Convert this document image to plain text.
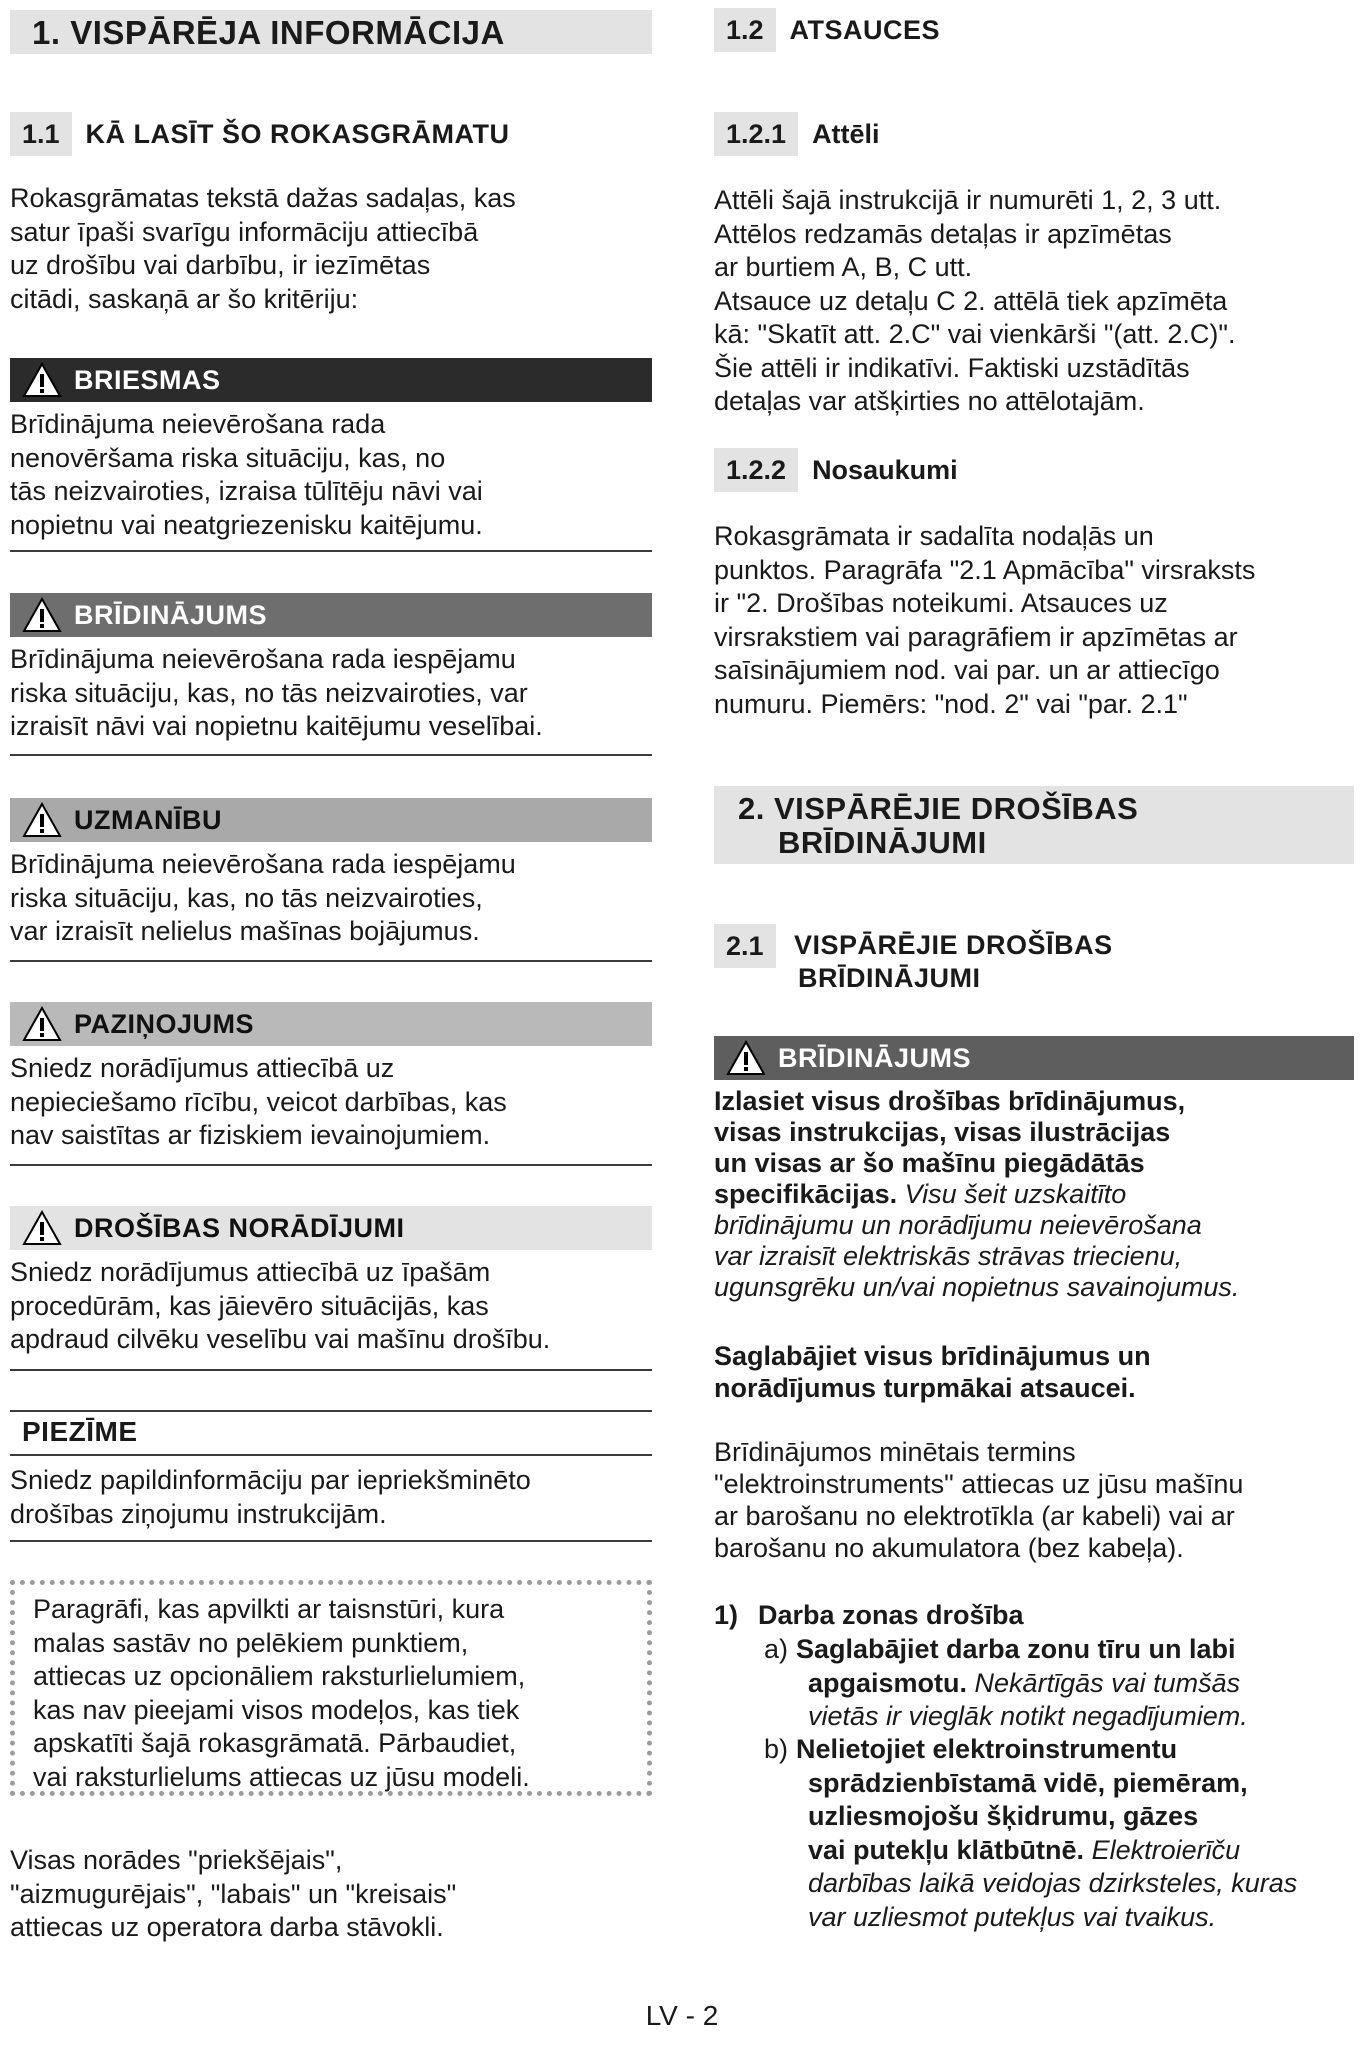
1. VISPĀRĒJA INFORMĀCIJA
1.1 KĀ LASĪT ŠO ROKASGRĀMATU

Rokasgrāmatas tekstā dažas sadaļas, kas

satur īpaši svarīgu informāciju attiecībā

uz drošību vai darbību, ir iezīmētas

citādi, saskaņā ar šo kritēriju:

BRIESMAS

Brīdinājuma neievērošana rada

nenovēršama riska situāciju, kas, no

tās neizvairoties, izraisa tūlītēju nāvi vai

nopietnu vai neatgriezenisku kaitējumu.

BRĪDINĀJUMS

Brīdinājuma neievērošana rada iespējamu

riska situāciju, kas, no tās neizvairoties, var

izraisīt nāvi vai nopietnu kaitējumu veselībai.

UZMANĪBU

Brīdinājuma neievērošana rada iespējamu

riska situāciju, kas, no tās neizvairoties,

var izraisīt nelielus mašīnas bojājumus.

PAZIŅOJUMS

Sniedz norādījumus attiecībā uz

nepieciešamo rīcību, veicot darbības, kas

nav saistītas ar fiziskiem ievainojumiem.

DROŠĪBAS NORĀDĪJUMI

Sniedz norādījumus attiecībā uz īpašām

procedūrām, kas jāievēro situācijās, kas

apdraud cilvēku veselību vai mašīnu drošību.

PIEZĪME

Sniedz papildinformāciju par iepriekšminēto

drošības ziņojumu instrukcijām.

Paragrāfi, kas apvilkti ar taisnstūri, kura

malas sastāv no pelēkiem punktiem,

attiecas uz opcionāliem raksturlielumiem,

kas nav pieejami visos modeļos, kas tiek

apskatīti šajā rokasgrāmatā. Pārbaudiet,

vai raksturlielums attiecas uz jūsu modeli.

Visas norādes "priekšējais",

"aizmugurējais", "labais" un "kreisais"

attiecas uz operatora darba stāvokli.

1.2 ATSAUCES
1.2.1 Attēli

Attēli šajā instrukcijā ir numurēti 1, 2, 3 utt.

Attēlos redzamās detaļas ir apzīmētas

ar burtiem A, B, C utt.

Atsauce uz detaļu C 2. attēlā tiek apzīmēta

kā: "Skatīt att. 2.C" vai vienkārši "(att. 2.C)".

Šie attēli ir indikatīvi. Faktiski uzstādītās

detaļas var atšķirties no attēlotajām.

1.2.2 Nosaukumi

Rokasgrāmata ir sadalīta nodaļās un

punktos. Paragrāfa "2.1 Apmācība" virsraksts

ir "2. Drošības noteikumi. Atsauces uz

virsrakstiem vai paragrāfiem ir apzīmētas ar

saīsinājumiem nod. vai par. un ar attiecīgo

numuru. Piemērs: "nod. 2" vai "par. 2.1"

2. VISPĀRĒJIE DROŠĪBAS
BRĪDINĀJUMI
2.1 VISPĀRĒJIE DROŠĪBAS
BRĪDINĀJUMI
BRĪDINĀJUMS

Izlasiet visus drošības brīdinājumus,

visas instrukcijas, visas ilustrācijas

un visas ar šo mašīnu piegādātās

specifikācijas. Visu šeit uzskaitīto

brīdinājumu un norādījumu neievērošana

var izraisīt elektriskās strāvas triecienu,

ugunsgrēku un/vai nopietnus savainojumus.

Saglabājiet visus brīdinājumus un

norādījumus turpmākai atsaucei.

Brīdinājumos minētais termins

"elektroinstruments" attiecas uz jūsu mašīnu

ar barošanu no elektrotīkla (ar kabeli) vai ar

barošanu no akumulatora (bez kabeļa).

1) Darba zonas drošība
a) Saglabājiet darba zonu tīru un labi

apgaismotu. Nekārtīgās vai tumšās

vietās ir vieglāk notikt negadījumiem.

b) Nelietojiet elektroinstrumentu

sprādzienbīstamā vidē, piemēram,

uzliesmojošu šķidrumu, gāzes

vai putekļu klātbūtnē. Elektroierīču

darbības laikā veidojas dzirksteles, kuras

var uzliesmot putekļus vai tvaikus.

LV - 2
